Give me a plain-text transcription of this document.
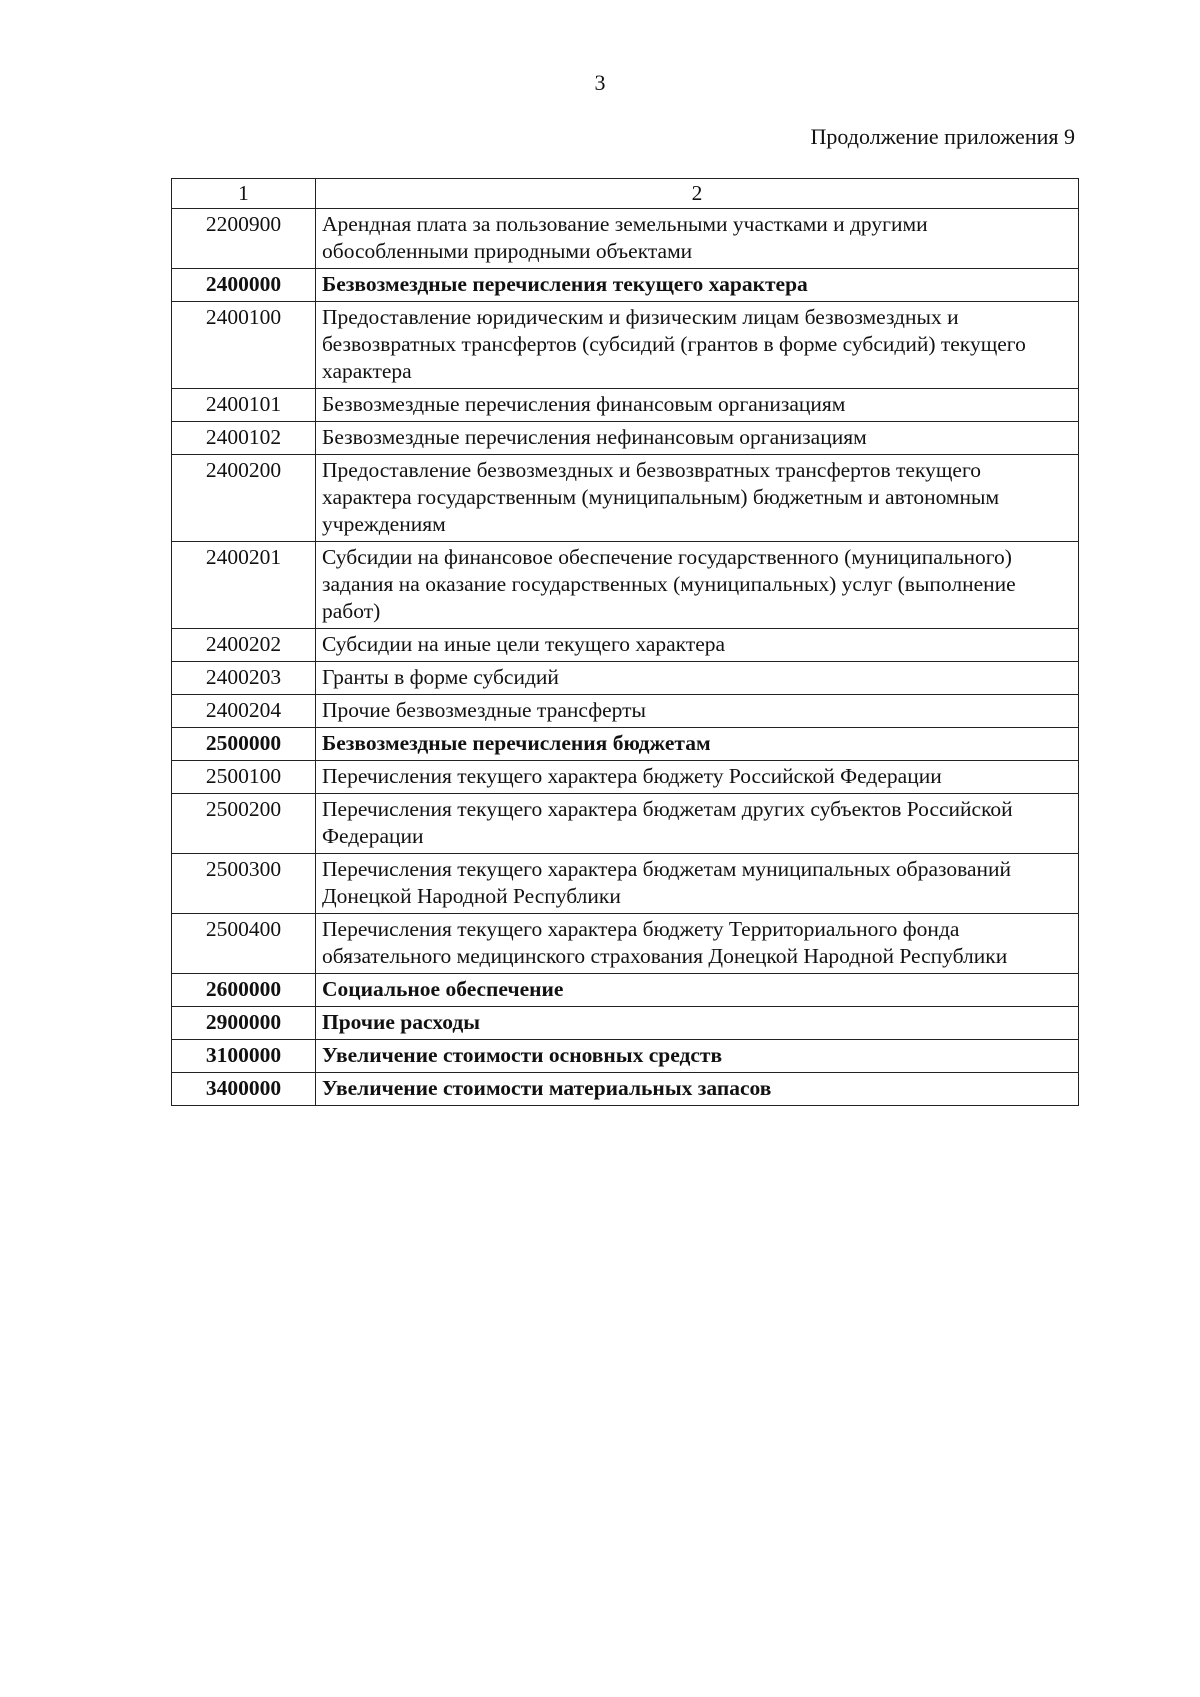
3
Продолжение приложения 9
1	2
2200900	Арендная плата за пользование земельными участками и другими обособленными природными объектами
2400000	Безвозмездные перечисления текущего характера
2400100	Предоставление юридическим и физическим лицам безвозмездных и безвозвратных трансфертов (субсидий (грантов в форме субсидий) текущего характера
2400101	Безвозмездные перечисления финансовым организациям
2400102	Безвозмездные перечисления нефинансовым организациям
2400200	Предоставление безвозмездных и безвозвратных трансфертов текущего характера государственным (муниципальным) бюджетным и автономным учреждениям
2400201	Субсидии на финансовое обеспечение государственного (муниципального) задания на оказание государственных (муниципальных) услуг (выполнение работ)
2400202	Субсидии на иные цели текущего характера
2400203	Гранты в форме субсидий
2400204	Прочие безвозмездные трансферты
2500000	Безвозмездные перечисления бюджетам
2500100	Перечисления текущего характера бюджету Российской Федерации
2500200	Перечисления текущего характера бюджетам других субъектов Российской Федерации
2500300	Перечисления текущего характера бюджетам муниципальных образований Донецкой Народной Республики
2500400	Перечисления текущего характера бюджету Территориального фонда обязательного медицинского страхования Донецкой Народной Республики
2600000	Социальное обеспечение
2900000	Прочие расходы
3100000	Увеличение стоимости основных средств
3400000	Увеличение стоимости материальных запасов
